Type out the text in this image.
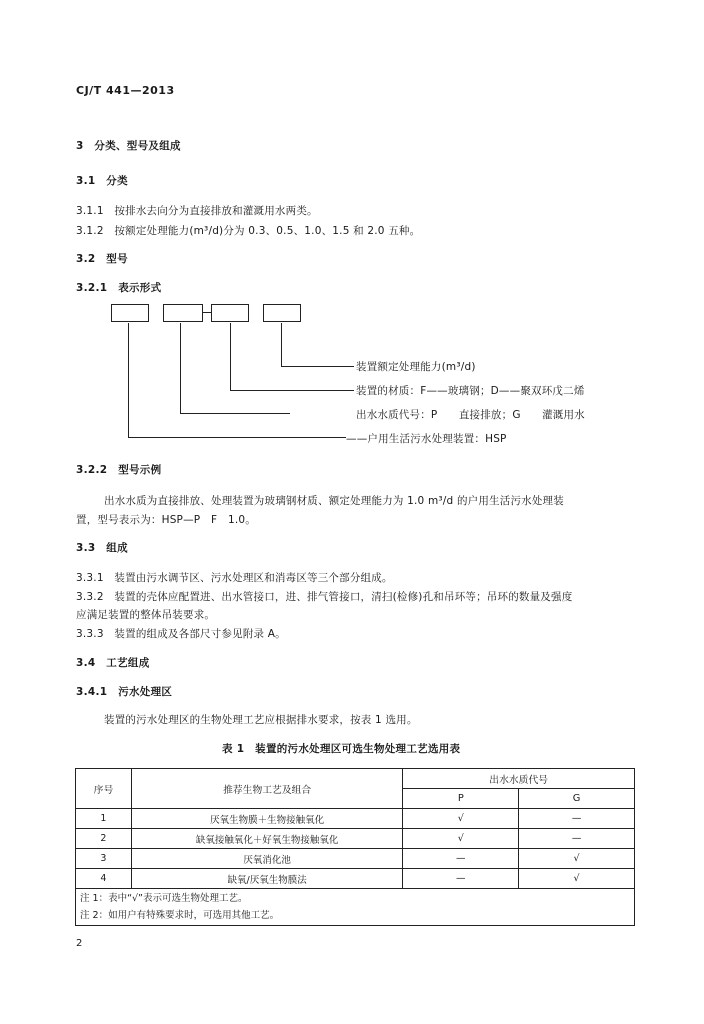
CJ/T 441—2013
3　分类、型号及组成
3.1　分类
3.1.1　按排水去向分为直接排放和灌溉用水两类。
3.1.2　按额定处理能力(m³/d)分为 0.3、0.5、1.0、1.5 和 2.0 五种。
3.2　型号
3.2.1　表示形式
装置额定处理能力(m³/d)
装置的材质：F——玻璃钢；D——聚双环戊二烯
出水水质代号：P　　直接排放；G　　灌溉用水
——户用生活污水处理装置：HSP
3.2.2　型号示例
出水水质为直接排放、处理装置为玻璃钢材质、额定处理能力为 1.0 m³/d 的户用生活污水处理装
置，型号表示为：HSP—P　F　1.0。
3.3　组成
3.3.1　装置由污水调节区、污水处理区和消毒区等三个部分组成。
3.3.2　装置的壳体应配置进、出水管接口，进、排气管接口，清扫(检修)孔和吊环等；吊环的数量及强度
应满足装置的整体吊装要求。
3.3.3　装置的组成及各部尺寸参见附录 A。
3.4　工艺组成
3.4.1　污水处理区
装置的污水处理区的生物处理工艺应根据排水要求，按表 1 选用。
表 1　装置的污水处理区可选生物处理工艺选用表
序号	推荐生物工艺及组合	出水水质代号	
		P	G
1	厌氧生物膜＋生物接触氧化	√	—
2	缺氧接触氧化＋好氧生物接触氧化	√	—
3	厌氧消化池	—	√
4	缺氧/厌氧生物膜法	—	√

注 1：表中“√”表示可选生物处理工艺。
注 2：如用户有特殊要求时，可选用其他工艺。			
2
